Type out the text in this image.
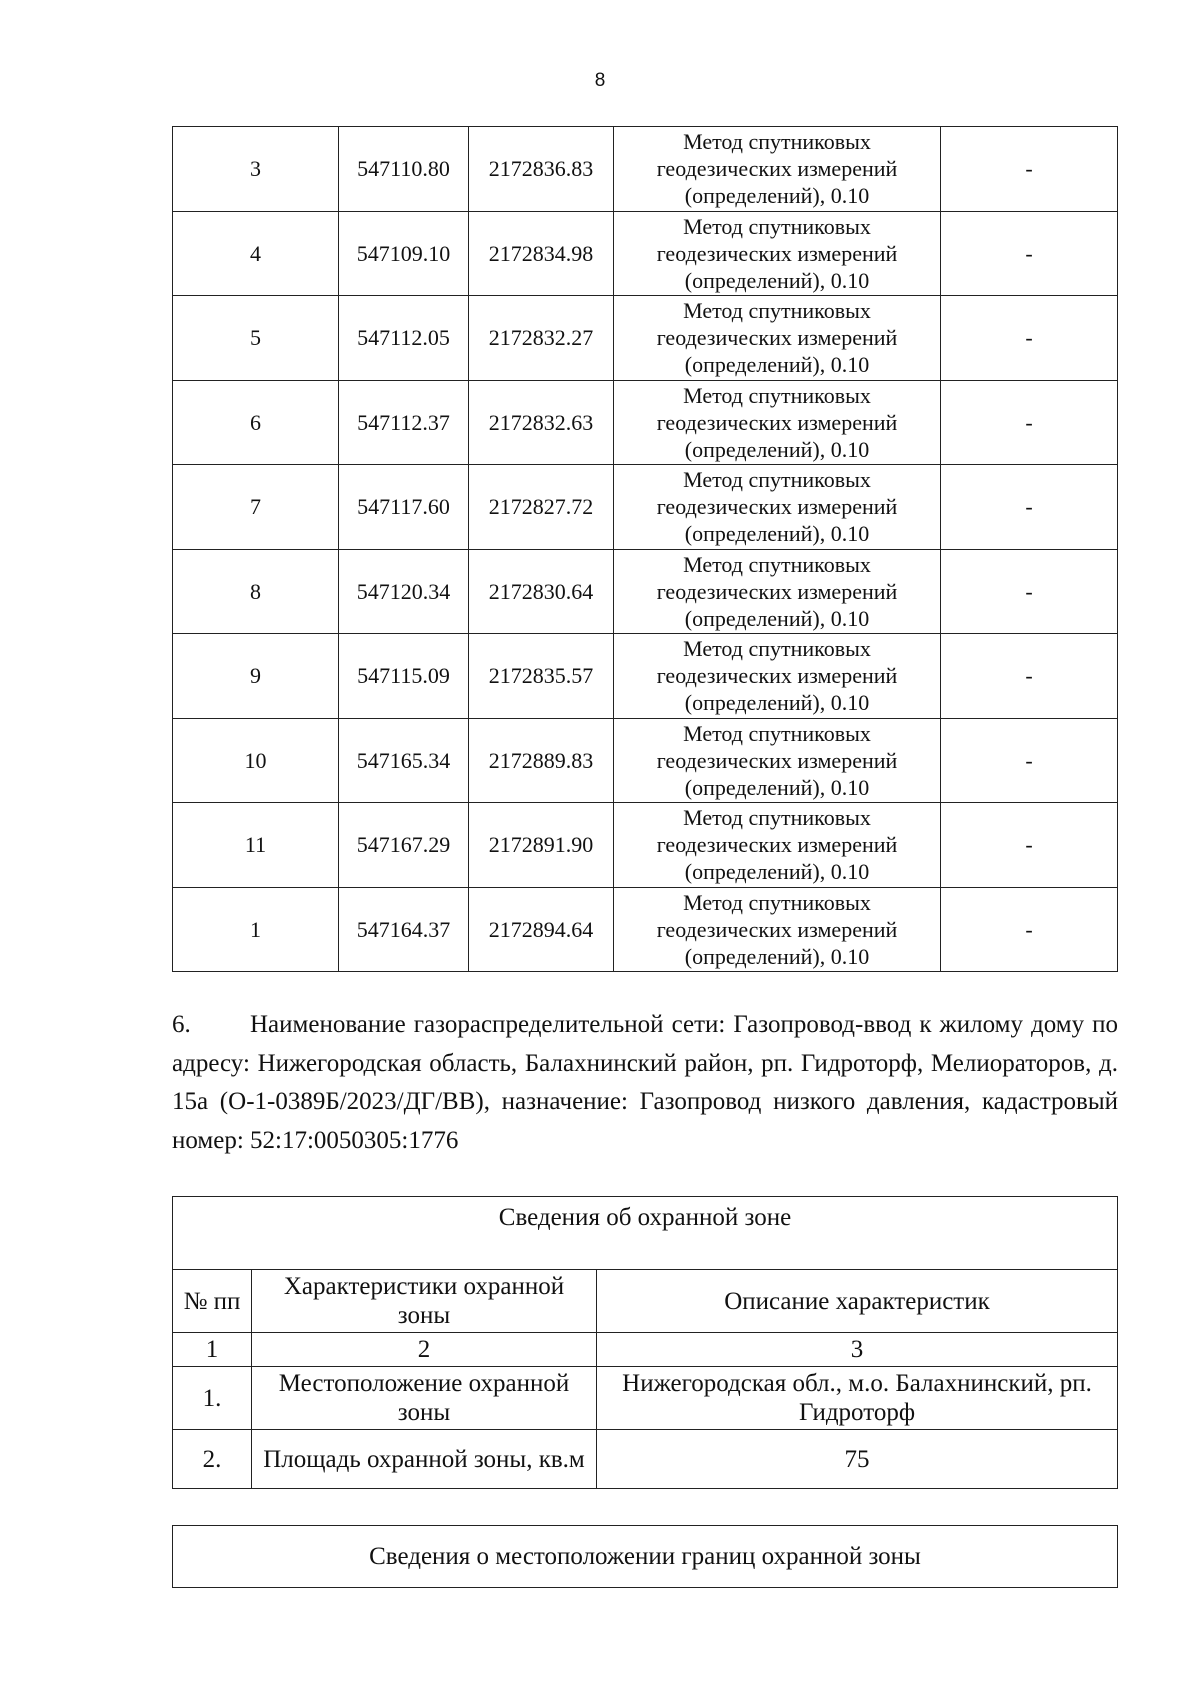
8
3	547110.80	2172836.83	Метод спутниковых геодезических измерений (определений), 0.10	-
4	547109.10	2172834.98	Метод спутниковых геодезических измерений (определений), 0.10	-
5	547112.05	2172832.27	Метод спутниковых геодезических измерений (определений), 0.10	-
6	547112.37	2172832.63	Метод спутниковых геодезических измерений (определений), 0.10	-
7	547117.60	2172827.72	Метод спутниковых геодезических измерений (определений), 0.10	-
8	547120.34	2172830.64	Метод спутниковых геодезических измерений (определений), 0.10	-
9	547115.09	2172835.57	Метод спутниковых геодезических измерений (определений), 0.10	-
10	547165.34	2172889.83	Метод спутниковых геодезических измерений (определений), 0.10	-
11	547167.29	2172891.90	Метод спутниковых геодезических измерений (определений), 0.10	-
1	547164.37	2172894.64	Метод спутниковых геодезических измерений (определений), 0.10	-

6. Наименование газораспределительной сети: Газопровод-ввод к жилому дому по адресу: Нижегородская область, Балахнинский район, рп. Гидроторф, Мелиораторов, д. 15а (О-1-0389Б/2023/ДГ/ВВ), назначение: Газопровод низкого давления, кадастровый номер: 52:17:0050305:1776

Сведения об охранной зоне		
№ пп	Характеристики охранной зоны	Описание характеристик
1	2	3
1.	Местоположение охранной зоны	Нижегородская обл., м.о. Балахнинский, рп. Гидроторф
2.	Площадь охранной зоны, кв.м	75
Сведения о местоположении границ охранной зоны
